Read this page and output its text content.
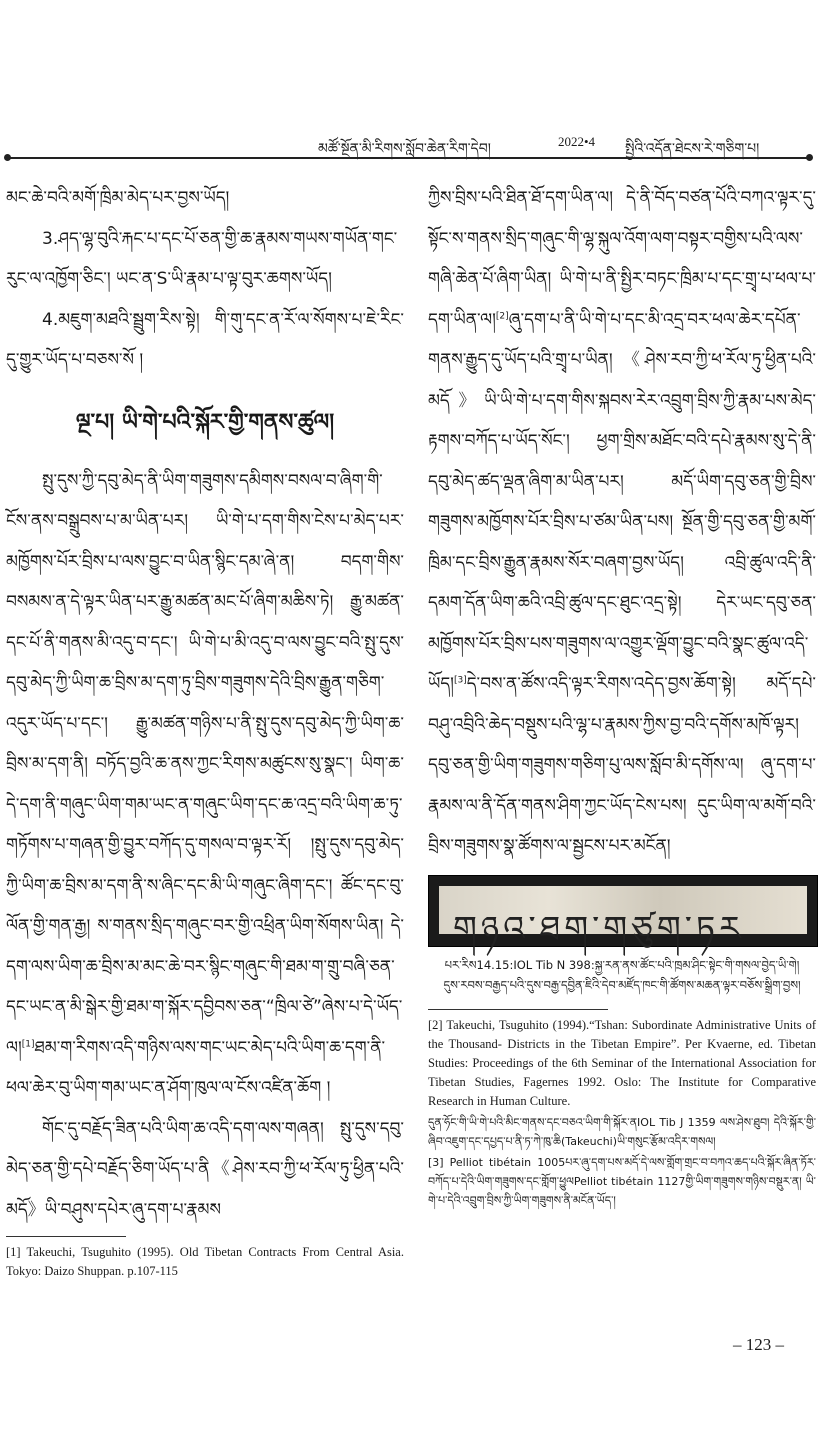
མཚོ་སྔོན་མི་རིགས་སློབ་ཆེན་རིག་དེབ།	2022•4 སྤྱིའི་འདོན་ཐེངས་རེ་གཅིག་པ།

མང་ཆེ་བའི་མགོ་ཁྲིམ་མེད་པར་བྱས་ཡོད།

3.ཤད་ལྷ་བུའི་རྐང་པ་དང་པོ་ཅན་གྱི་ཆ་རྣམས་གཡས་གཡོན་གང་རུང་ལ་འཁྱོག་ཅིང་། ཡང་ན་S་ཡི་རྣམ་པ་ལྟ་བུར་ཆགས་ཡོད།

4.མཇུག་མཐའི་སྦྲུག་རིས་སྟེ། གི་གུ་དང་ན་རོ་ལ་སོགས་པ་ཇེ་རིང་དུ་གྱུར་ཡོད་པ་བཅས་སོ །

ལྔ་པ། ཡི་གེ་པའི་སྐོར་གྱི་གནས་ཚུལ།

སྤུ་དུས་ཀྱི་དབུ་མེད་ནི་ཡིག་གཟུགས་དམིགས་བསལ་བ་ཞིག་གི་ངོས་ནས་བསྒྲུབས་པ་མ་ཡིན་པར། ཡི་གེ་པ་དག་གིས་ངེས་པ་མེད་པར་མཁྱོགས་པོར་བྲིས་པ་ལས་བྱུང་བ་ཡིན་སྙིང་དམ་ཞེ་ན། བདག་གིས་བསམས་ན་དེ་ལྟར་ཡིན་པར་རྒྱུ་མཚན་མང་པོ་ཞིག་མཆིས་ཏེ། རྒྱུ་མཚན་དང་པོ་ནི་གནས་མི་འདུ་བ་དང་། ཡི་གེ་པ་མི་འདུ་བ་ལས་བྱུང་བའི་སྤུ་དུས་དབུ་མེད་ཀྱི་ཡིག་ཆ་བྲིས་མ་དག་ཏུ་བྲིས་གཟུགས་དེའི་བྲིས་རྒྱུན་གཅིག་འདུར་ཡོད་པ་དང་། རྒྱུ་མཚན་གཉིས་པ་ནི་སྤུ་དུས་དབུ་མེད་ཀྱི་ཡིག་ཆ་བྲིས་མ་དག་ནི། བཏོད་བྱའི་ཆ་ནས་ཀྱང་རིགས་མཚུངས་སུ་སྣང་། ཡིག་ཆ་དེ་དག་ནི་གཞུང་ཡིག་གམ་ཡང་ན་གཞུང་ཡིག་དང་ཆ་འདྲ་བའི་ཡིག་ཆ་ཏུ་གཏོགས་པ་གཞན་གྱི་བྱུར་བཀོད་དུ་གསལ་བ་ལྟར་རོ། །སྤུ་དུས་དབུ་མེད་ཀྱི་ཡིག་ཆ་བྲིས་མ་དག་ནི་ས་ཞིང་དང་མི་ཡི་གཞུང་ཞིག་དང་། ཚོང་དང་བུ་ལོན་གྱི་གན་རྒྱ། ས་གནས་སྲིད་གཞུང་བར་གྱི་འཕྲིན་ཡིག་སོགས་ཡིན། དེ་དག་ལས་ཡིག་ཆ་བྲིས་མ་མང་ཆེ་བར་སྙིང་གཞུང་གི་ཐམ་ག་གྲུ་བཞི་ཅན་དང་ཡང་ན་མི་སྒེར་གྱི་ཐམ་ག་སྐོར་དབྱིབས་ཅན་“ཁྲིལ་ཙེ”ཞེས་པ་དེ་ཡོད་ལ།[1]ཐམ་ག་རིགས་འདི་གཉིས་ལས་གང་ཡང་མེད་པའི་ཡིག་ཆ་དག་ནི་ཕལ་ཆེར་བུ་ཡིག་གམ་ཡང་ན་ཤོག་ཁུལ་ལ་ངོས་འཛིན་ཆོག །

གོང་དུ་བརྗོད་ཟིན་པའི་ཡིག་ཆ་འདི་དག་ལས་གཞན། སྤུ་དུས་དབུ་མེད་ཅན་གྱི་དཔེ་བརྗོད་ཅིག་ཡོད་པ་ནི《ཤེས་རབ་ཀྱི་ཕ་རོལ་ཏུ་ཕྱིན་པའི་མདོ》ཡི་བཤུས་དཔེར་ཞུ་དག་པ་རྣམས

[1] Takeuchi, Tsuguhito (1995). Old Tibetan Contracts From Central Asia. Tokyo: Daizo Shuppan. p.107-115

ཀྱིས་བྲིས་པའི་ཐིན་ཐོ་དག་ཡིན་ལ། དེ་ནི་བོད་བཙན་པོའི་བཀའ་ལྟར་དུ་སྟོང་ས་གནས་སྲིད་གཞུང་གི་ལྷ་སྐུལ་འོག་ལག་བསྟར་བགྱིས་པའི་ལས་གཞི་ཆེན་པོ་ཞིག་ཡིན། ཡི་གེ་པ་ནི་སྤྱིར་བཏང་ཁྲིམ་པ་དང་གྲྭ་པ་ཕལ་པ་དག་ཡིན་ལ།[2]ཞུ་དག་པ་ནི་ཡི་གེ་པ་དང་མི་འདྲ་བར་ཕལ་ཆེར་དཔོན་གནས་རྒྱུད་དུ་ཡོད་པའི་གྲྭ་པ་ཡིན། 《ཤེས་རབ་ཀྱི་ཕ་རོལ་ཏུ་ཕྱིན་པའི་མདོ》ཡི་ཡི་གེ་པ་དག་གིས་སྐབས་རེར་འབྲུག་བྲིས་ཀྱི་རྣམ་པས་མེད་རྟགས་བཀོད་པ་ཡོད་སོང་། ཕྱག་གྲིས་མཐོང་བའི་དཔེ་རྣམས་སུ་དེ་ནི་དབུ་མེད་ཚད་ལྡན་ཞིག་མ་ཡིན་པར། མདོ་ཡིག་དབུ་ཅན་གྱི་བྲིས་གཟུགས་མཁྱོགས་པོར་བྲིས་པ་ཙམ་ཡིན་པས། སྔོན་གྱི་དབུ་ཅན་གྱི་མགོ་ཁྲིམ་དང་བྲིས་རྒྱུན་རྣམས་སོར་བཞག་བྱས་ཡོད། འབྲི་ཚུལ་འདི་ནི་དམག་དོན་ཡིག་ཆའི་འབྲི་ཚུལ་དང་ཐུང་འདྲ་སྟེ། དེར་ཡང་དབུ་ཅན་མཁྱོགས་པོར་བྲིས་པས་གཟུགས་ལ་འགྱུར་ལྡོག་བྱུང་བའི་སྣང་ཚུལ་འདི་ཡོད།[3]དེ་བས་ན་ཚོས་འདི་ལྟར་རིགས་འདེད་བྱས་ཆོག་སྟེ། མདོ་དཔེ་བཤུ་འབྲིའི་ཆེད་བསྡུས་པའི་ལྷ་པ་རྣམས་ཀྱིས་བྱ་བའི་དགོས་མཁོ་ལྟར། དབུ་ཅན་གྱི་ཡིག་གཟུགས་གཅིག་པུ་ལས་སློབ་མི་དགོས་ལ། ཞུ་དག་པ་རྣམས་ལ་ནི་དོན་གནས་ཤིག་ཀྱང་ཡོད་ངེས་པས། དུང་ཡིག་ལ་མགོ་བའི་བྲིས་གཟུགས་སྣ་ཚོགས་ལ་སྦྱངས་པར་མངོན།

གཉའ་ཐག་གཙུག་ཏར

པར་རིས14.15:IOL Tib N 398:སྐྱ་རན་ནས་ཚོང་པའི་ཁྲམ་ཤིང་སྟེང་གི་གསལ་བྱེད་ཡི་གེ། དུས་རབས་བརྒྱད་པའི་དུས་བརྒྱ་དབྱིན་ཇིའི་དེབ་མཛོད་ཁང་གི་ཚོགས་མཆན་ལྟར་བཅོས་སྒྲིག་བྱས།

[2] Takeuchi, Tsuguhito (1994).“Tshan: Subordinate Administrative Units of the Thousand- Districts in the Tibetan Empire”. Per Kvaerne, ed. Tibetan Studies: Proceedings of the 6th Seminar of the International Association for Tibetan Studies, Fagernes 1992. Oslo: The Institute for Comparative Research in Human Culture.

དུན་ཧོང་གི་ཡི་གེ་པའི་མིང་གནས་དང་བཅའ་ཡིག་གི་སྐོར་ནIOL Tib J 1359 ལས་ཤེས་ཐུབ། དེའི་སྐོར་གྱི་ཞིབ་འཇུག་དང་དཔྱད་པ་ནི་ཏ་ཀེ་ཁུ་ཆི(Takeuchi)ཡི་གསུང་རྩོམ་འདིར་གསལ།

[3] Pelliot tibétain 1005པར་ཞུ་དག་པས་མདོ་དེ་ལས་གློག་གྲང་བ་བཀའ་ཆད་པའི་སྐོར་ཞིན་ཏོར་བཀོད་པ་དེའི་ཡིག་གཟུགས་དང་གློག་ཕྱུལPelliot tibétain 1127གྱི་ཡིག་གཟུགས་གཉིས་བསྡུར་ན། ཡི་གེ་པ་དེའི་འབྲུག་བྲིས་ཀྱི་ཡིག་གཟུགས་ནི་མངོན་ཡོད་།

– 123 –
